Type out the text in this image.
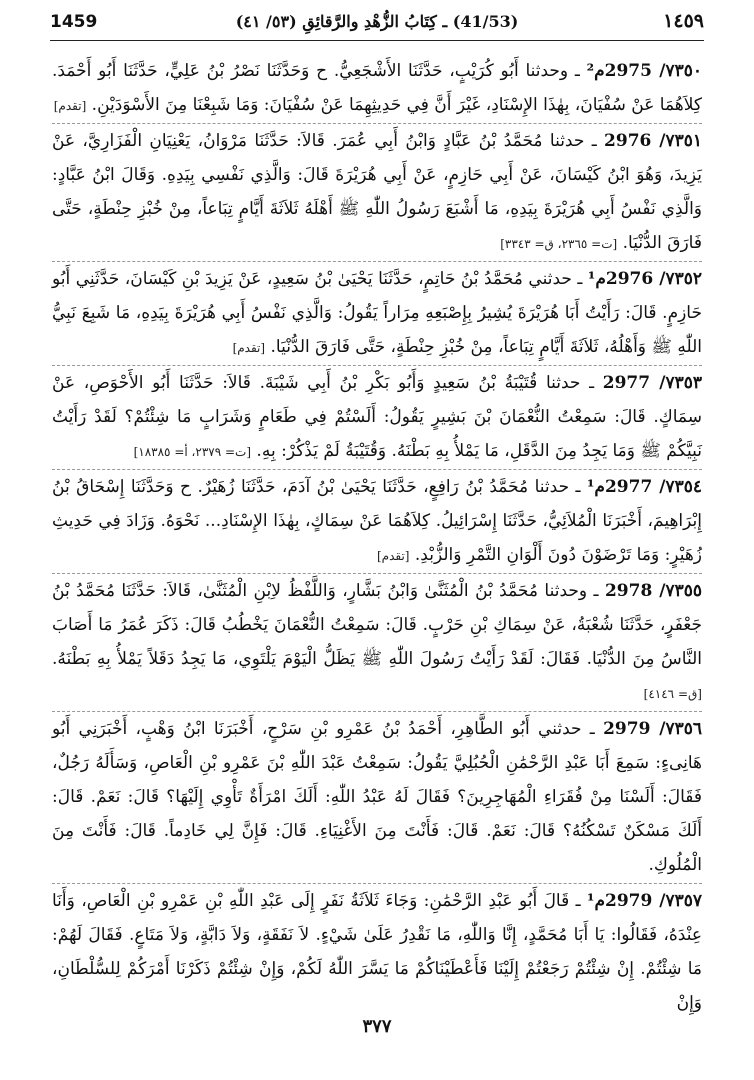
1459	(41/53) ـ كِتَابُ الزُّهْدِ والرَّقائِقِ (٥٣/ ٤١)	١٤٥٩

٧٣٥٠/ 2975م² ـ وحدثنا أَبُو كُرَيْبٍ، حَدَّثَنَا الأَشْجَعِيُّ. ح وَحَدَّثَنَا نَصْرُ بْنُ عَلِيٍّ، حَدَّثَنَا أَبُو أَحْمَدَ. كِلاَهُمَا عَنْ سُفْيَانَ، بِهٰذَا الإِسْنَادِ، غَيْرَ أَنَّ فِي حَدِيثِهِمَا عَنْ سُفْيَانَ: وَمَا شَبِعْنَا مِنَ الأَسْوَدَيْنِ. [تقدم]

٧٣٥١/ 2976 ـ حدثنا مُحَمَّدُ بْنُ عَبَّادٍ وَابْنُ أَبِي عُمَرَ. قَالاَ: حَدَّثَنَا مَرْوَانُ، يَعْنِيَانِ الْفَزَارِيَّ، عَنْ يَزِيدَ، وَهُوَ ابْنُ كَيْسَانَ، عَنْ أَبِي حَازِمٍ، عَنْ أَبِي هُرَيْرَةَ قَالَ: وَالَّذِي نَفْسِي بِيَدِهِ. وَقَالَ ابْنُ عَبَّادٍ: وَالَّذِي نَفْسُ أَبِي هُرَيْرَةَ بِيَدِهِ، مَا أَشْبَعَ رَسُولُ اللّٰهِ ﷺ أَهْلَهُ ثَلاَثَةَ أَيَّامٍ تِبَاعاً، مِنْ خُبْزِ حِنْطَةٍ، حَتَّى فَارَقَ الدُّنْيَا. [ت= ٢٣٦٥، ق= ٣٣٤٣]

٧٣٥٢/ 2976م¹ ـ حدثني مُحَمَّدُ بْنُ حَاتِمٍ، حَدَّثَنَا يَحْيَىٰ بْنُ سَعِيدٍ، عَنْ يَزِيدَ بْنِ كَيْسَانَ، حَدَّثَنِي أَبُو حَازِمٍ. قَالَ: رَأَيْتُ أَبَا هُرَيْرَةَ يُشِيرُ بِإِصْبَعِهِ مِرَاراً يَقُولُ: وَالَّذِي نَفْسُ أَبِي هُرَيْرَةَ بِيَدِهِ، مَا شَبِعَ نَبِيُّ اللّٰهِ ﷺ وَأَهْلُهُ، ثَلاَثَةَ أَيَّامٍ تِبَاعاً، مِنْ خُبْزِ حِنْطَةٍ، حَتَّى فَارَقَ الدُّنْيَا. [تقدم]

٧٣٥٣/ 2977 ـ حدثنا قُتَيْبَةُ بْنُ سَعِيدٍ وَأَبُو بَكْرِ بْنُ أَبِي شَيْبَةَ. قَالاَ: حَدَّثَنَا أَبُو الأَحْوَصِ، عَنْ سِمَاكٍ. قَالَ: سَمِعْتُ النُّعْمَانَ بْنَ بَشِيرٍ يَقُولُ: أَلَسْتُمْ فِي طَعَامٍ وَشَرَابٍ مَا شِئْتُمْ؟ لَقَدْ رَأَيْتُ نَبِيَّكُمْ ﷺ وَمَا يَجِدُ مِنَ الدَّقَلِ، مَا يَمْلأُ بِهِ بَطْنَهُ. وَقُتَيْبَةُ لَمْ يَذْكُرْ: بِهِ. [ت= ٢٣٧٩، أ= ١٨٣٨٥]

٧٣٥٤/ 2977م¹ ـ حدثنا مُحَمَّدُ بْنُ رَافِعٍ، حَدَّثَنَا يَحْيَىٰ بْنُ آدَمَ، حَدَّثَنَا زُهَيْرٌ. ح وَحَدَّثَنَا إِسْحَاقُ بْنُ إِبْرَاهِيمَ، أَخْبَرَنَا الْمُلاَئِيُّ، حَدَّثَنَا إِسْرَائِيلُ. كِلاَهُمَا عَنْ سِمَاكٍ، بِهٰذَا الإِسْنَادِ... نَحْوَهُ. وَزَادَ فِي حَدِيثِ زُهَيْرٍ: وَمَا تَرْضَوْنَ دُونَ أَلْوَانِ التَّمْرِ وَالزُّبْدِ. [تقدم]

٧٣٥٥/ 2978 ـ وحدثنا مُحَمَّدُ بْنُ الْمُثَنَّىٰ وَابْنُ بَشَّارٍ، وَاللَّفْظُ لاِبْنِ الْمُثَنَّىٰ، قَالاَ: حَدَّثَنَا مُحَمَّدُ بْنُ جَعْفَرٍ، حَدَّثَنَا شُعْبَةُ، عَنْ سِمَاكِ بْنِ حَرْبٍ. قَالَ: سَمِعْتُ النُّعْمَانَ يَخْطُبُ قَالَ: ذَكَرَ عُمَرُ مَا أَصَابَ النَّاسُ مِنَ الدُّنْيَا. فَقَالَ: لَقَدْ رَأَيْتُ رَسُولَ اللّٰهِ ﷺ يَظَلُّ الْيَوْمَ يَلْتَوِي، مَا يَجِدُ دَقَلاً يَمْلأُ بِهِ بَطْنَهُ. [ق= ٤١٤٦]

٧٣٥٦/ 2979 ـ حدثني أَبُو الطَّاهِرِ، أَحْمَدُ بْنُ عَمْرِو بْنِ سَرْحٍ، أَخْبَرَنَا ابْنُ وَهْبٍ، أَخْبَرَنِي أَبُو هَانِىءٍ: سَمِعَ أَبَا عَبْدِ الرَّحْمَٰنِ الْحُبُلِيَّ يَقُولُ: سَمِعْتُ عَبْدَ اللّٰهِ بْنَ عَمْرِو بْنِ الْعَاصِ، وَسَأَلَهُ رَجُلٌ، فَقَالَ: أَلَسْنَا مِنْ فُقَرَاءِ الْمُهَاجِرِينَ؟ فَقَالَ لَهُ عَبْدُ اللّٰهِ: أَلَكَ امْرَأَةٌ تَأْوِي إِلَيْهَا؟ قَالَ: نَعَمْ. قَالَ: أَلَكَ مَسْكَنٌ تَسْكُنُهُ؟ قَالَ: نَعَمْ. قَالَ: فَأَنْتَ مِنَ الأَغْنِيَاءِ. قَالَ: فَإِنَّ لِي خَادِماً. قَالَ: فَأَنْتَ مِنَ الْمُلُوكِ.

٧٣٥٧/ 2979م¹ ـ قَالَ أَبُو عَبْدِ الرَّحْمَٰنِ: وَجَاءَ ثَلاَثَةُ نَفَرٍ إِلَى عَبْدِ اللّٰهِ بْنِ عَمْرِو بْنِ الْعَاصِ، وَأَنَا عِنْدَهُ، فَقَالُوا: يَا أَبَا مُحَمَّدٍ، إِنَّا وَاللّٰهِ، مَا نَقْدِرُ عَلَىٰ شَيْءٍ. لاَ نَفَقَةٍ، وَلاَ دَابَّةٍ، وَلاَ مَتَاعٍ. فَقَالَ لَهُمْ: مَا شِئْتُمْ. إِنْ شِئْتُمْ رَجَعْتُمْ إِلَيْنَا فَأَعْطَيْنَاكُمْ مَا يَسَّرَ اللّٰهُ لَكُمْ، وَإِنْ شِئْتُمْ ذَكَرْنَا أَمْرَكُمْ لِلسُّلْطَانِ، وَإِنْ

٣٧٧
